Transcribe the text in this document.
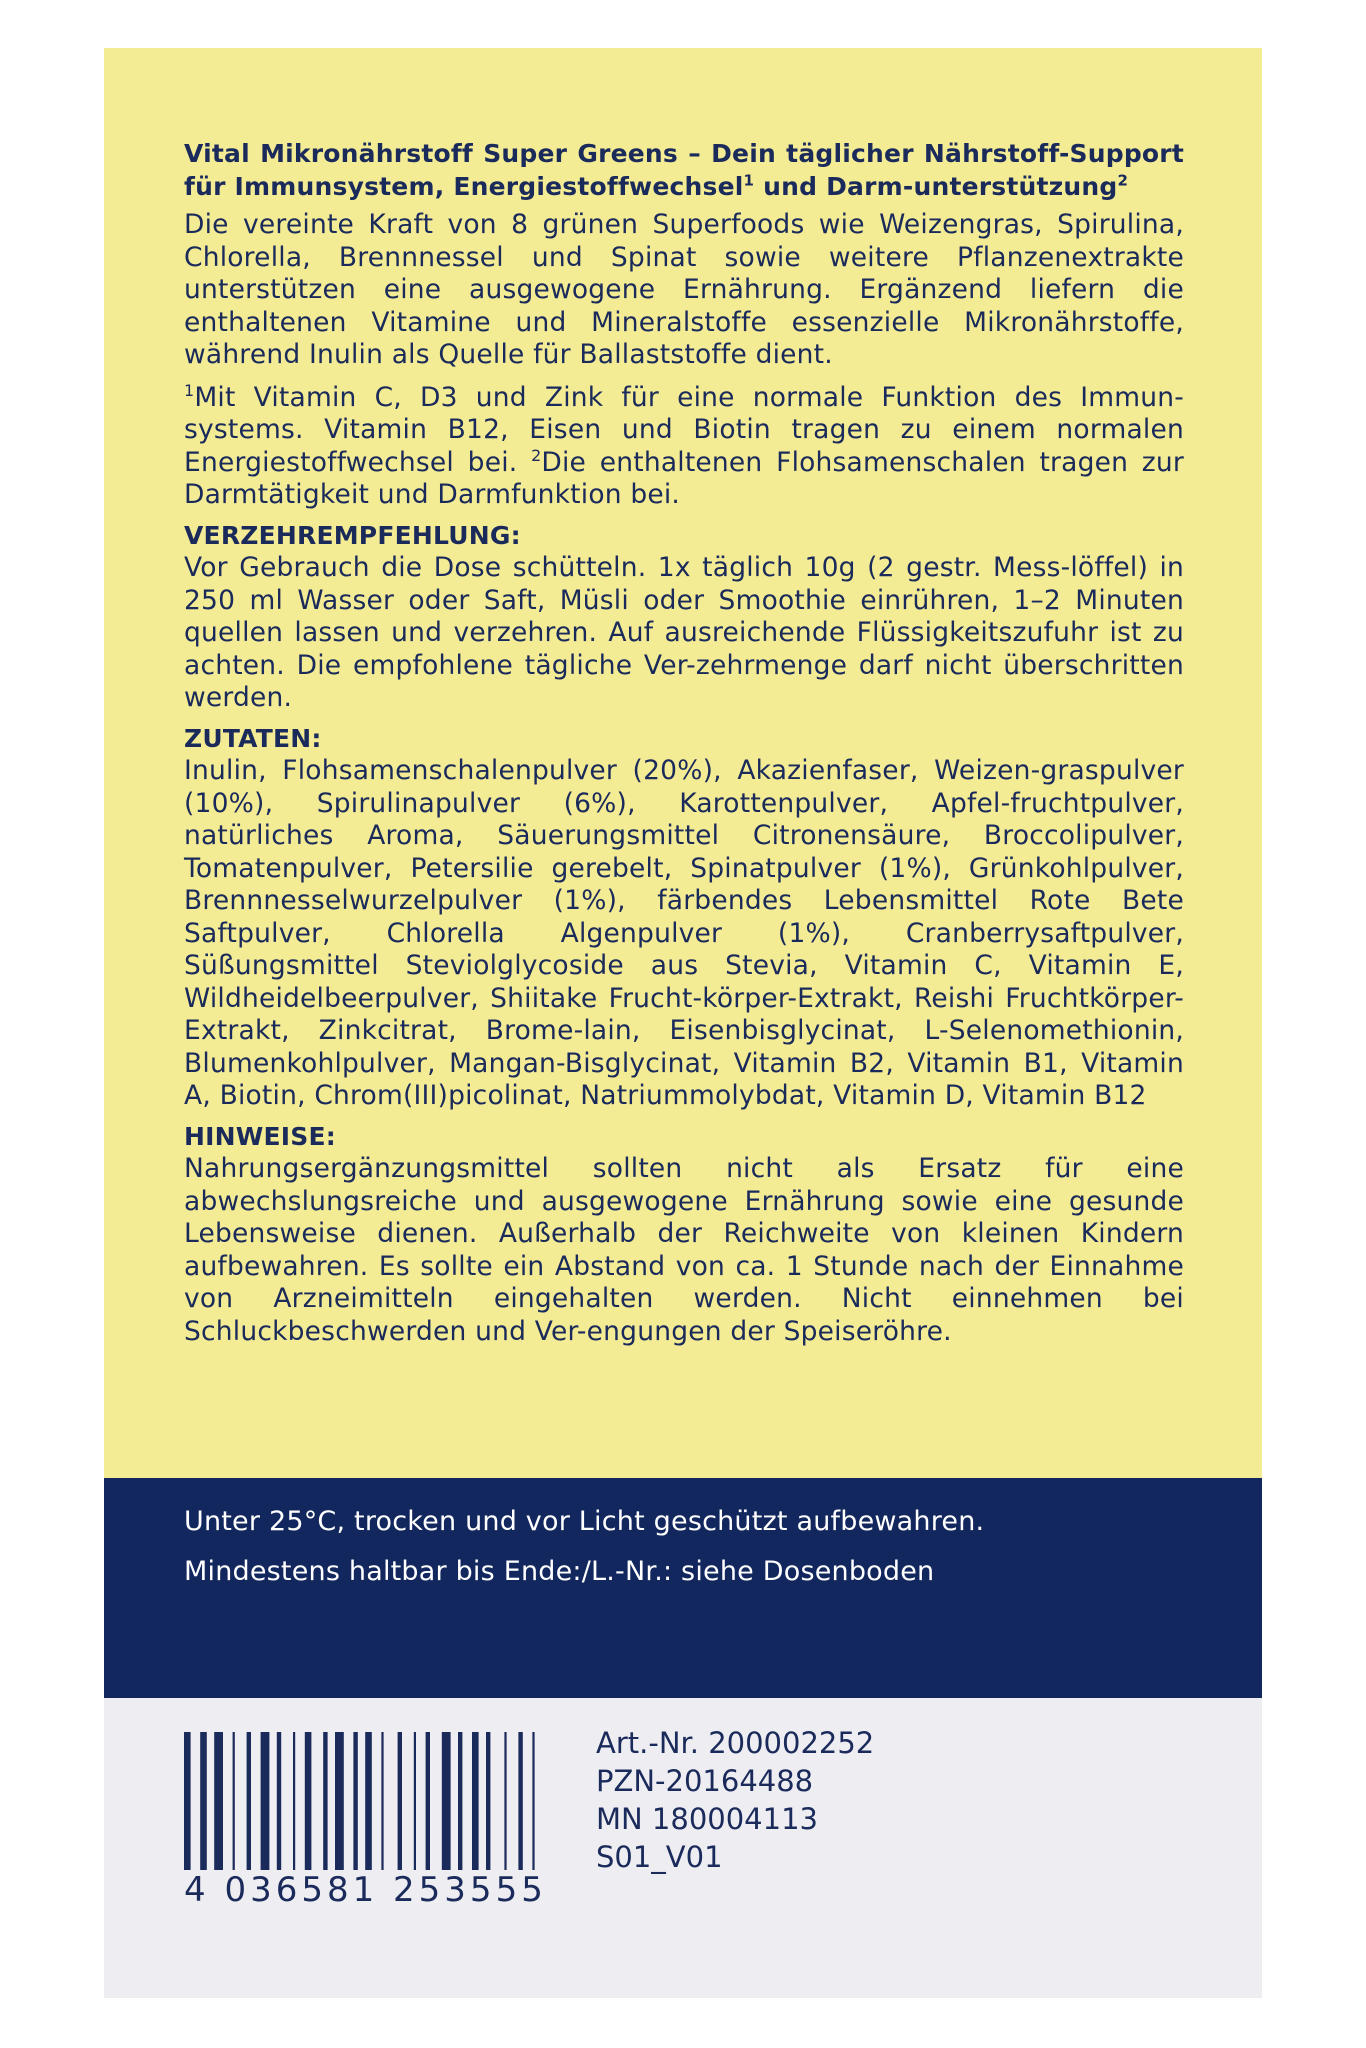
Vital Mikronährstoff Super Greens – Dein täglicher Nährstoff-Support für Immunsystem, Energiestoffwechsel$^1$ und Darm-unterstützung$^2$

Die vereinte Kraft von 8 grünen Superfoods wie Weizengras, Spirulina, Chlorella, Brennnessel und Spinat sowie weitere Pflanzenextrakte unterstützen eine ausgewogene Ernährung. Ergänzend liefern die enthaltenen Vitamine und Mineralstoffe essenzielle Mikronährstoffe, während Inulin als Quelle für Ballaststoffe dient.

$^1$Mit Vitamin C, D3 und Zink für eine normale Funktion des Immun-systems. Vitamin B12, Eisen und Biotin tragen zu einem normalen Energiestoffwechsel bei. $^2$Die enthaltenen Flohsamenschalen tragen zur Darmtätigkeit und Darmfunktion bei.

VERZEHREMPFEHLUNG:

Vor Gebrauch die Dose schütteln. 1x täglich 10g (2 gestr. Mess-löffel) in 250 ml Wasser oder Saft, Müsli oder Smoothie einrühren, 1–2 Minuten quellen lassen und verzehren. Auf ausreichende Flüssigkeitszufuhr ist zu achten. Die empfohlene tägliche Ver-zehrmenge darf nicht überschritten werden.

ZUTATEN:

Inulin, Flohsamenschalenpulver (20%), Akazienfaser, Weizen-graspulver (10%), Spirulinapulver (6%), Karottenpulver, Apfel-fruchtpulver, natürliches Aroma, Säuerungsmittel Citronensäure, Broccolipulver, Tomatenpulver, Petersilie gerebelt, Spinatpulver (1%), Grünkohlpulver, Brennnesselwurzelpulver (1%), färbendes Lebensmittel Rote Bete Saftpulver, Chlorella Algenpulver (1%), Cranberrysaftpulver, Süßungsmittel Steviolglycoside aus Stevia, Vitamin C, Vitamin E, Wildheidelbeerpulver, Shiitake Frucht-körper-Extrakt, Reishi Fruchtkörper-Extrakt, Zinkcitrat, Brome-lain, Eisenbisglycinat, L-Selenomethionin, Blumenkohlpulver, Mangan-Bisglycinat, Vitamin B2, Vitamin B1, Vitamin A, Biotin, Chrom(III)picolinat, Natriummolybdat, Vitamin D, Vitamin B12

HINWEISE:

Nahrungsergänzungsmittel sollten nicht als Ersatz für eine abwechslungsreiche und ausgewogene Ernährung sowie eine gesunde Lebensweise dienen. Außerhalb der Reichweite von kleinen Kindern aufbewahren. Es sollte ein Abstand von ca. 1 Stunde nach der Einnahme von Arzneimitteln eingehalten werden. Nicht einnehmen bei Schluckbeschwerden und Ver-engungen der Speiseröhre.

Unter 25°C, trocken und vor Licht geschützt aufbewahren.
Mindestens haltbar bis Ende:/L.-Nr.: siehe Dosenboden
4 036581 253555
Art.-Nr. 200002252
PZN-20164488
MN 180004113
S01_V01
